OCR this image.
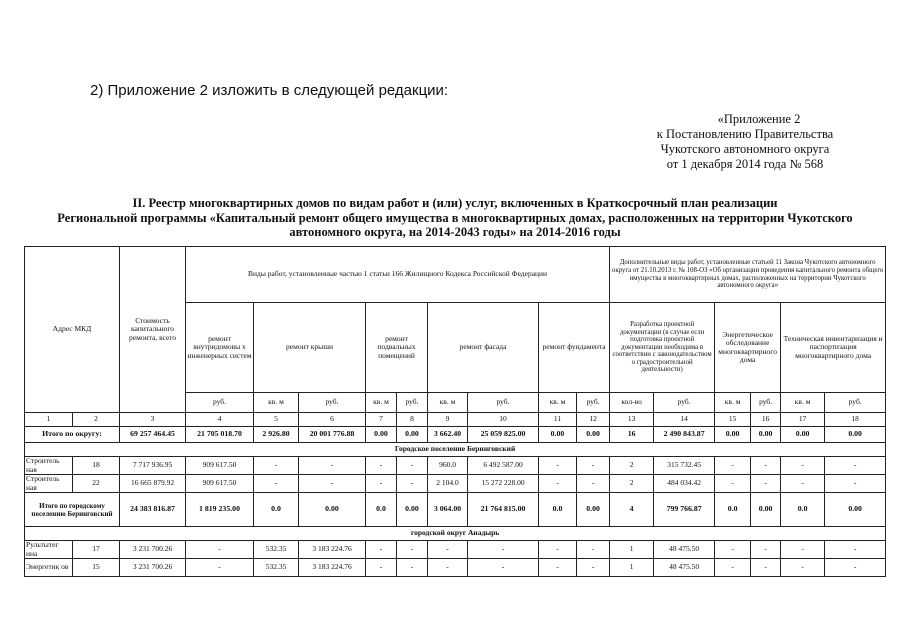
2) Приложение 2 изложить в следующей редакции:
«Приложение 2
к Постановлению Правительства
Чукотского автономного округа
от 1 декабря 2014 года № 568
II. Реестр многоквартирных домов по видам работ и (или) услуг, включенных в Краткосрочный план реализации
Региональной программы «Капитальный ремонт общего имущества в многоквартирных домах, расположенных на территории Чукотского
автономного округа, на 2014-2043 годы» на 2014-2016 годы
Адрес МКД		Стоимость капитального ремонта, всего	Виды работ, установленные частью 1 статьи 166 Жилищного Кодекса Российской Федерации									Дополнительные виды работ, установленные статьей 11 Закона Чукотского автономного округа от 21.10.2013 г. № 108-ОЗ «Об организации проведения капитального ремонта общего имущества в многоквартирных домах, расположенных на территории Чукотского автономного округа»					
			ремонт внутридомовы х инженерных систем	ремонт крыши		ремонт подвальных помещений		ремонт фасада		ремонт фундамента		Разработка проектной документации (в случае если подготовка проектной документации необходима в соответствии с законодательством о градостроительной деятельности)		Энергетическое обследование многоквартирного дома		Техническая инвентаризация и паспортизация многоквартирного дома	
			руб.	кв. м	руб.	кв. м	руб.	кв. м	руб.	кв. м	руб.	кол-во	руб.	кв. м	руб.	кв. м	руб.
1	2	3	4	5	6	7	8	9	10	11	12	13	14	15	16	17	18
Итого по округу:		69 257 464.45	21 705 018.70	2 926.80	20 001 776.88	0.00	0.00	3 662.40	25 059 825.00	0.00	0.00	16	2 490 843.87	0.00	0.00	0.00	0.00
Городское поселение Беринговский																	
Строитель ная	18	7 717 936.95	909 617.50	-	-	-	-	960.0	6 492 587.00	-	-	2	315 732.45	-	-	-	-
Строитель ная	22	16 665 879.92	909 617.50	-	-	-	-	2 104.0	15 272 228.00	-	-	2	484 034.42	-	-	-	-
Итого по городскому поселению Беринговский		24 383 816.87	1 819 235.00	0.0	0.00	0.0	0.00	3 064.00	21 764 815.00	0.0	0.00	4	799 766.87	0.0	0.00	0.0	0.00
городской округ Анадырь																	
Рультытег ина	17	3 231 700.26	-	532.35	3 183 224.76	-	-	-	-	-	-	1	48 475.50	-	-	-	-
Энергетик ов	15	3 231 700.26	-	532.35	3 183 224.76	-	-	-	-	-	-	1	48 475.50	-	-	-	-
